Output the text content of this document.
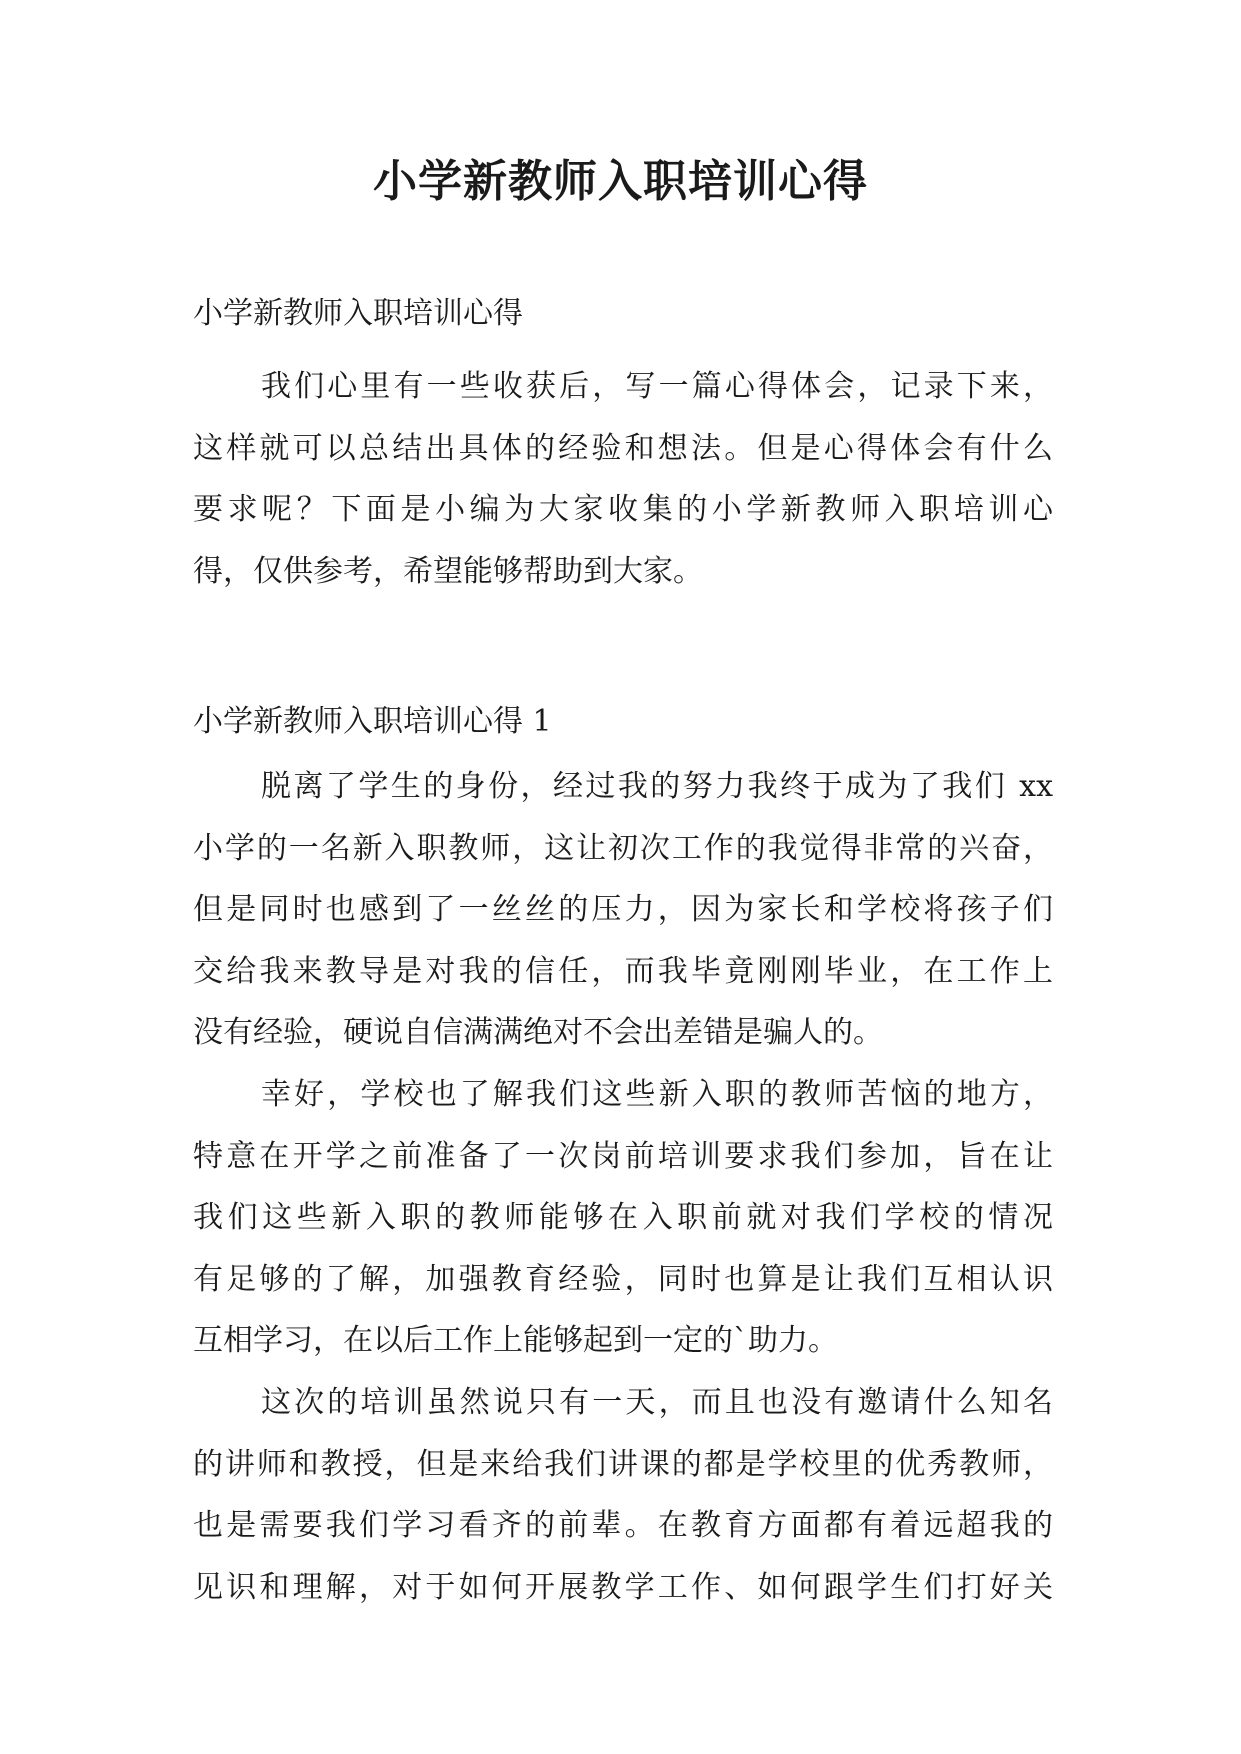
小学新教师入职培训心得

小学新教师入职培训心得

我们心里有一些收获后，写一篇心得体会，记录下来，
这样就可以总结出具体的经验和想法。但是心得体会有什么
要求呢？下面是小编为大家收集的小学新教师入职培训心
得，仅供参考，希望能够帮助到大家。

小学新教师入职培训心得 1

脱离了学生的身份，经过我的努力我终于成为了我们 xx
小学的一名新入职教师，这让初次工作的我觉得非常的兴奋，
但是同时也感到了一丝丝的压力，因为家长和学校将孩子们
交给我来教导是对我的信任，而我毕竟刚刚毕业，在工作上
没有经验，硬说自信满满绝对不会出差错是骗人的。

幸好，学校也了解我们这些新入职的教师苦恼的地方，
特意在开学之前准备了一次岗前培训要求我们参加，旨在让
我们这些新入职的教师能够在入职前就对我们学校的情况
有足够的了解，加强教育经验，同时也算是让我们互相认识
互相学习，在以后工作上能够起到一定的`助力。

这次的培训虽然说只有一天，而且也没有邀请什么知名
的讲师和教授，但是来给我们讲课的都是学校里的优秀教师，
也是需要我们学习看齐的前辈。在教育方面都有着远超我的
见识和理解，对于如何开展教学工作、如何跟学生们打好关
